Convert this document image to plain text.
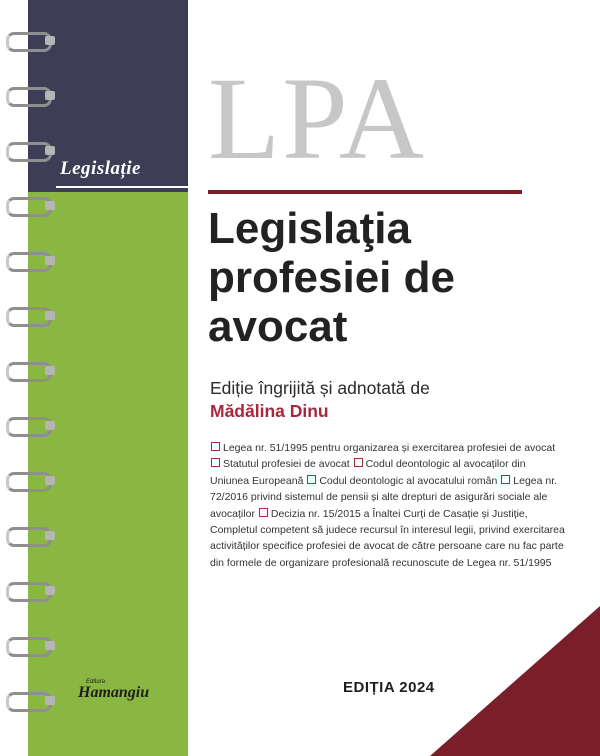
Legislație LPA
Legislaţia profesiei de avocat
Ediție îngrijită și adnotată de
Mădălina Dinu
Legea nr. 51/1995 pentru organizarea și exercitarea profesiei de avocat Statutul profesiei de avocat Codul deontologic al avocaților din Uniunea Europeană Codul deontologic al avocatului român Legea nr. 72/2016 privind sistemul de pensii și alte drepturi de asigurări sociale ale avocaților Decizia nr. 15/2015 a Înaltei Curți de Casație și Justiție, Completul competent să judece recursul în interesul legii, privind exercitarea activităților specifice profesiei de avocat de către persoane care nu fac parte din formele de organizare profesională recunoscute de Legea nr. 51/1995
EDIȚIA 2024
Editura
Hamangiu
